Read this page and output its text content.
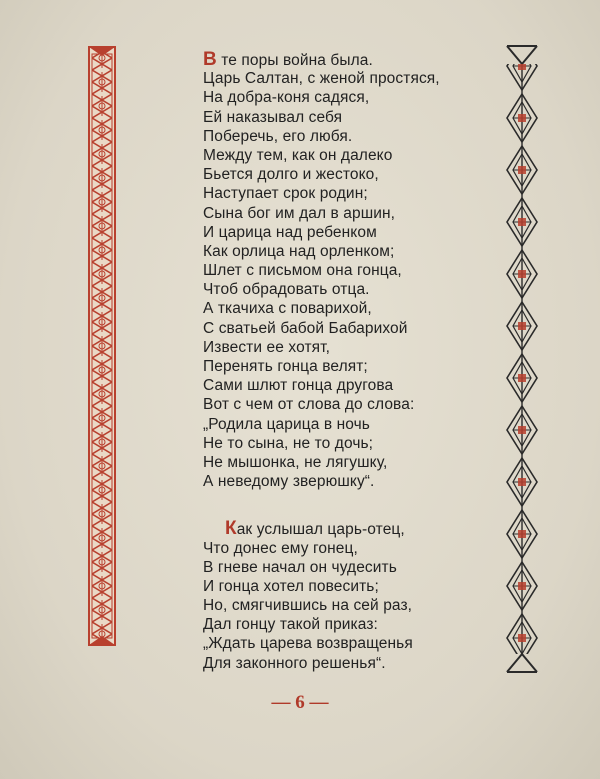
В те поры война была.
Царь Салтан, с женой простяся,
На добра-коня садяся,
Ей наказывал себя
Поберечь, его любя.
Между тем, как он далеко
Бьется долго и жестоко,
Наступает срок родин;
Сына бог им дал в аршин,
И царица над ребенком
Как орлица над орленком;
Шлет с письмом она гонца,
Чтоб обрадовать отца.
А ткачиха с поварихой,
С сватьей бабой Бабарихой
Извести ее хотят,
Перенять гонца велят;
Сами шлют гонца другова
Вот с чем от слова до слова:
„Родила царица в ночь
Не то сына, не то дочь;
Не мышонка, не лягушку,
А неведому зверюшку“.
Как услышал царь-отец,
Что донес ему гонец,
В гневе начал он чудесить
И гонца хотел повесить;
Но, смягчившись на сей раз,
Дал гонцу такой приказ:
„Ждать царева возвращенья
Для законного решенья“.
— 6 —
